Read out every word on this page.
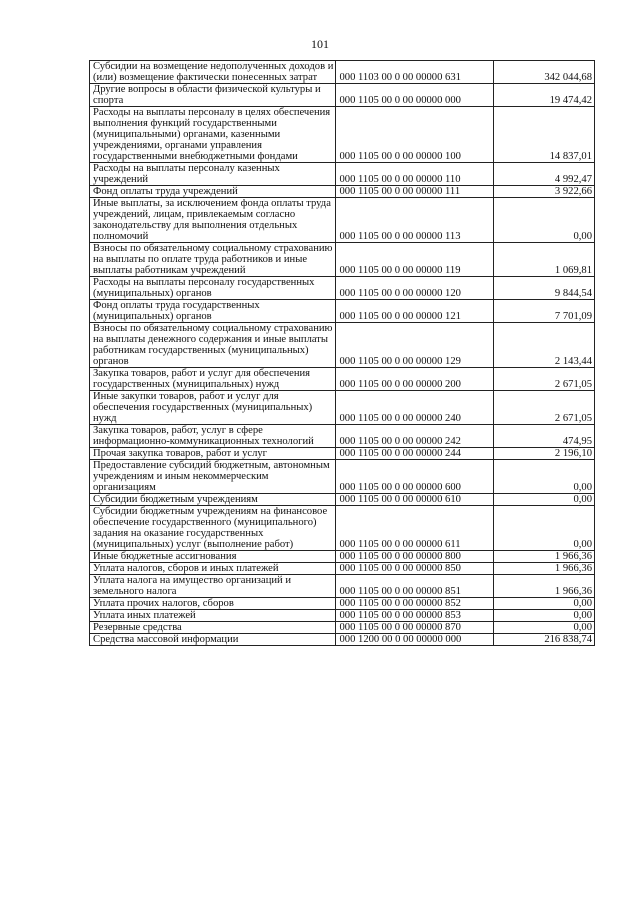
101
Субсидии на возмещение недополученных доходов и (или) возмещение фактически понесенных затрат	000 1103 00 0 00 00000 631	342 044,68
Другие вопросы в области физической культуры и спорта	000 1105 00 0 00 00000 000	19 474,42
Расходы на выплаты персоналу в целях обеспечения выполнения функций государственными (муниципальными) органами, казенными учреждениями, органами управления государственными внебюджетными фондами	000 1105 00 0 00 00000 100	14 837,01
Расходы на выплаты персоналу казенных учреждений	000 1105 00 0 00 00000 110	4 992,47
Фонд оплаты труда учреждений	000 1105 00 0 00 00000 111	3 922,66
Иные выплаты, за исключением фонда оплаты труда учреждений, лицам, привлекаемым согласно законодательству для выполнения отдельных полномочий	000 1105 00 0 00 00000 113	0,00
Взносы по обязательному социальному страхованию на выплаты по оплате труда работников и иные выплаты работникам учреждений	000 1105 00 0 00 00000 119	1 069,81
Расходы на выплаты персоналу государственных (муниципальных) органов	000 1105 00 0 00 00000 120	9 844,54
Фонд оплаты труда государственных (муниципальных) органов	000 1105 00 0 00 00000 121	7 701,09
Взносы по обязательному социальному страхованию на выплаты денежного содержания и иные выплаты работникам государственных (муниципальных) органов	000 1105 00 0 00 00000 129	2 143,44
Закупка товаров, работ и услуг для обеспечения государственных (муниципальных) нужд	000 1105 00 0 00 00000 200	2 671,05
Иные закупки товаров, работ и услуг для обеспечения государственных (муниципальных) нужд	000 1105 00 0 00 00000 240	2 671,05
Закупка товаров, работ, услуг в сфере информационно-коммуникационных технологий	000 1105 00 0 00 00000 242	474,95
Прочая закупка товаров, работ и услуг	000 1105 00 0 00 00000 244	2 196,10
Предоставление субсидий бюджетным, автономным учреждениям и иным некоммерческим организациям	000 1105 00 0 00 00000 600	0,00
Субсидии бюджетным учреждениям	000 1105 00 0 00 00000 610	0,00
Субсидии бюджетным учреждениям на финансовое обеспечение государственного (муниципального) задания на оказание государственных (муниципальных) услуг (выполнение работ)	000 1105 00 0 00 00000 611	0,00
Иные бюджетные ассигнования	000 1105 00 0 00 00000 800	1 966,36
Уплата налогов, сборов и иных платежей	000 1105 00 0 00 00000 850	1 966,36
Уплата налога на имущество организаций и земельного налога	000 1105 00 0 00 00000 851	1 966,36
Уплата прочих налогов, сборов	000 1105 00 0 00 00000 852	0,00
Уплата иных платежей	000 1105 00 0 00 00000 853	0,00
Резервные средства	000 1105 00 0 00 00000 870	0,00
Средства массовой информации	000 1200 00 0 00 00000 000	216 838,74
